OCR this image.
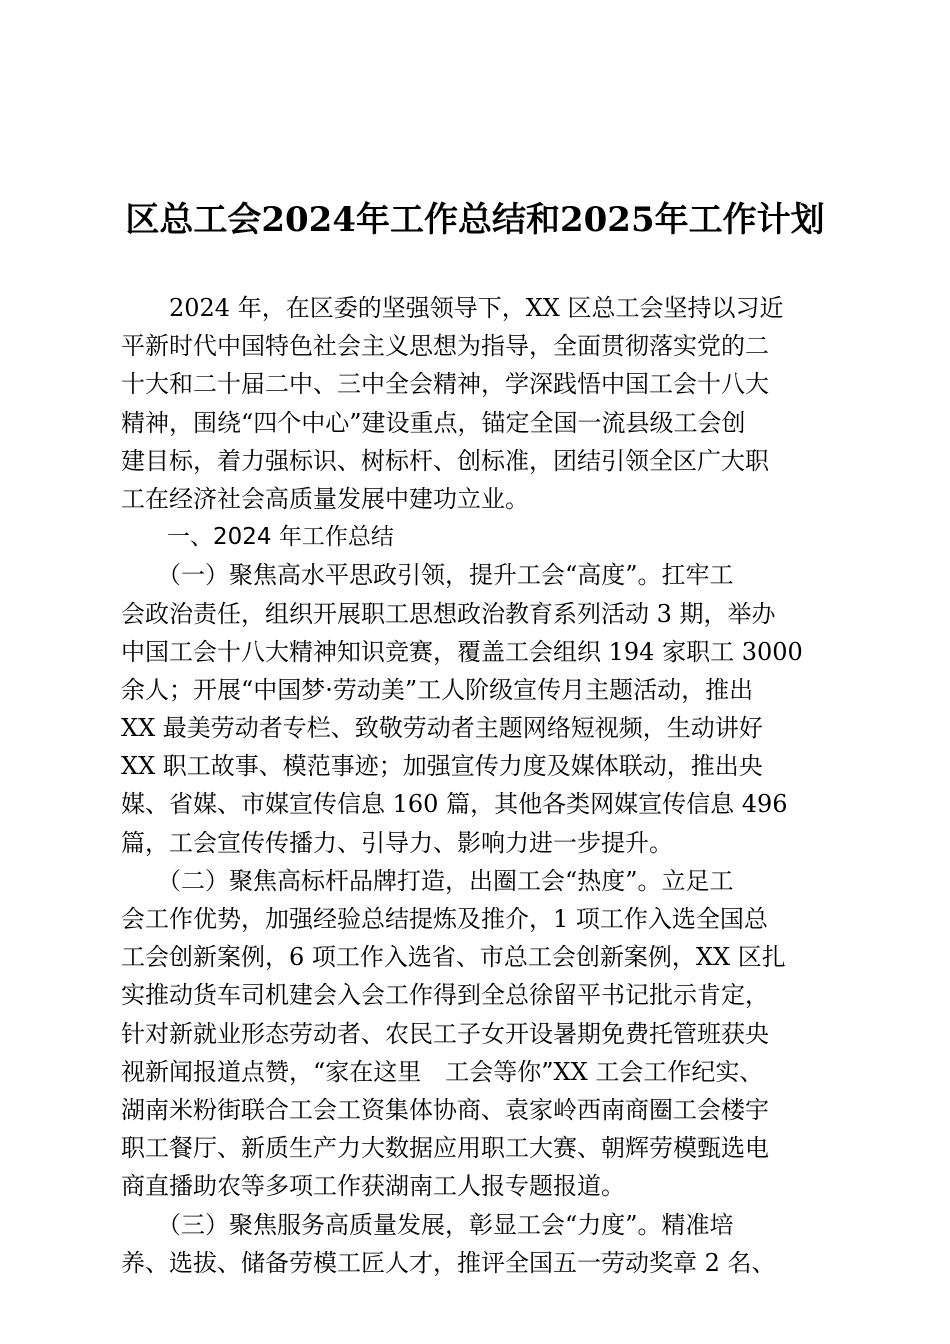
区总工会2024年工作总结和2025年工作计划
　　2024 年，在区委的坚强领导下，XX 区总工会坚持以习近
平新时代中国特色社会主义思想为指导，全面贯彻落实党的二
十大和二十届二中、三中全会精神，学深践悟中国工会十八大
精神，围绕“四个中心”建设重点，锚定全国一流县级工会创
建目标，着力强标识、树标杆、创标准，团结引领全区广大职
工在经济社会高质量发展中建功立业。
　　一、2024 年工作总结
　　（一）聚焦高水平思政引领，提升工会“高度”。扛牢工
会政治责任，组织开展职工思想政治教育系列活动 3 期，举办
中国工会十八大精神知识竞赛，覆盖工会组织 194 家职工 3000
余人；开展“中国梦·劳动美”工人阶级宣传月主题活动，推出
XX 最美劳动者专栏、致敬劳动者主题网络短视频，生动讲好
XX 职工故事、模范事迹；加强宣传力度及媒体联动，推出央
媒、省媒、市媒宣传信息 160 篇，其他各类网媒宣传信息 496
篇，工会宣传传播力、引导力、影响力进一步提升。
　　（二）聚焦高标杆品牌打造，出圈工会“热度”。立足工
会工作优势，加强经验总结提炼及推介，1 项工作入选全国总
工会创新案例，6 项工作入选省、市总工会创新案例，XX 区扎
实推动货车司机建会入会工作得到全总徐留平书记批示肯定，
针对新就业形态劳动者、农民工子女开设暑期免费托管班获央
视新闻报道点赞，“家在这里　工会等你”XX 工会工作纪实、
湖南米粉街联合工会工资集体协商、袁家岭西南商圈工会楼宇
职工餐厅、新质生产力大数据应用职工大赛、朝辉劳模甄选电
商直播助农等多项工作获湖南工人报专题报道。
　　（三）聚焦服务高质量发展，彰显工会“力度”。精准培
养、选拔、储备劳模工匠人才，推评全国五一劳动奖章 2 名、
